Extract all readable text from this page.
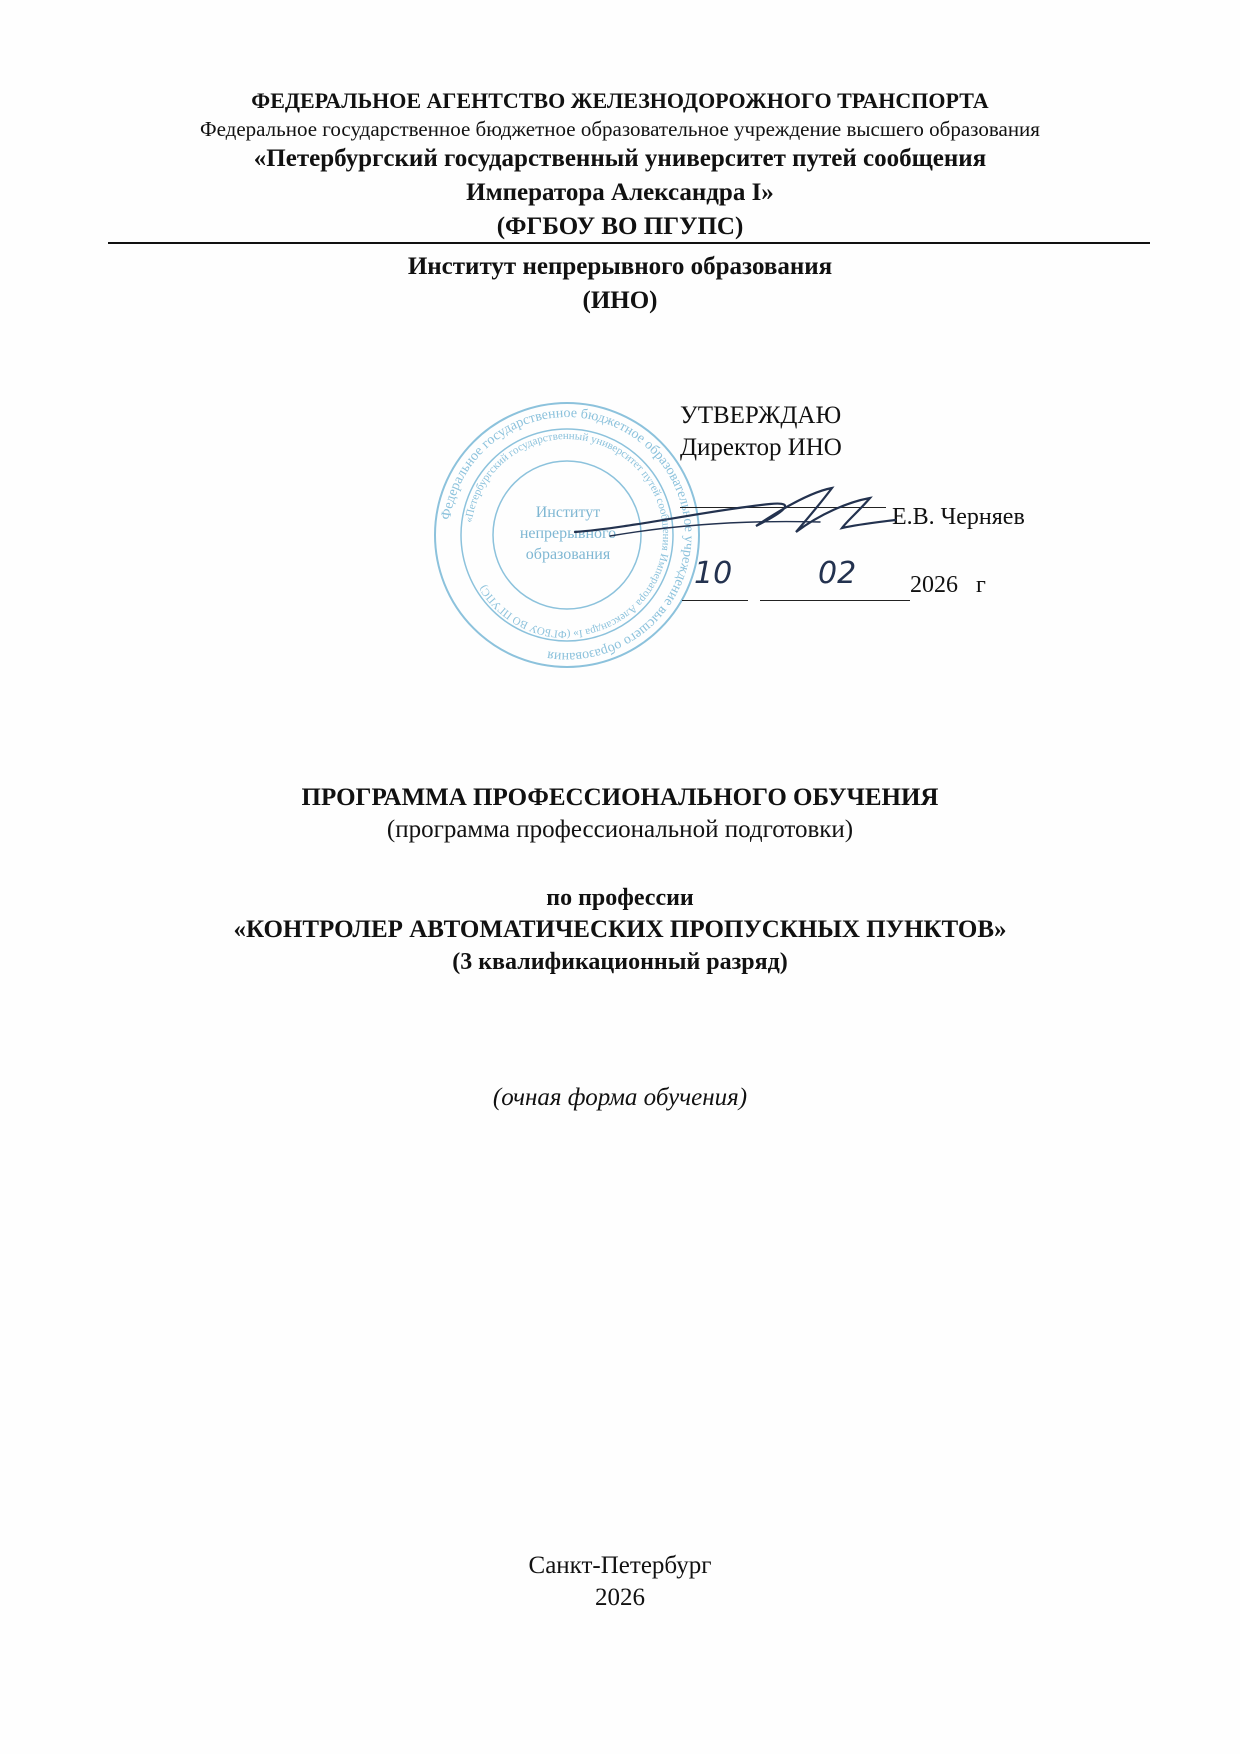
ФЕДЕРАЛЬНОЕ АГЕНТСТВО ЖЕЛЕЗНОДОРОЖНОГО ТРАНСПОРТА
Федеральное государственное бюджетное образовательное учреждение высшего образования
«Петербургский государственный университет путей сообщения
Императора Александра I»
(ФГБОУ ВО ПГУПС)
Институт непрерывного образования
(ИНО)
Федеральное государственное бюджетное образовательное учреждение высшего образования
«Петербургский государственный университет путей сообщения Императора Александра I» (ФГБОУ ВО ПГУПС)
Институт
непрерывного
образования
УТВЕРЖДАЮ
Директор ИНО
Е.В. Черняев
10	02 2026   г
ПРОГРАММА ПРОФЕССИОНАЛЬНОГО ОБУЧЕНИЯ
(программа профессиональной подготовки)
по профессии
«КОНТРОЛЕР АВТОМАТИЧЕСКИХ ПРОПУСКНЫХ ПУНКТОВ»
(3 квалификационный разряд)
(очная форма обучения)
Санкт-Петербург
2026
